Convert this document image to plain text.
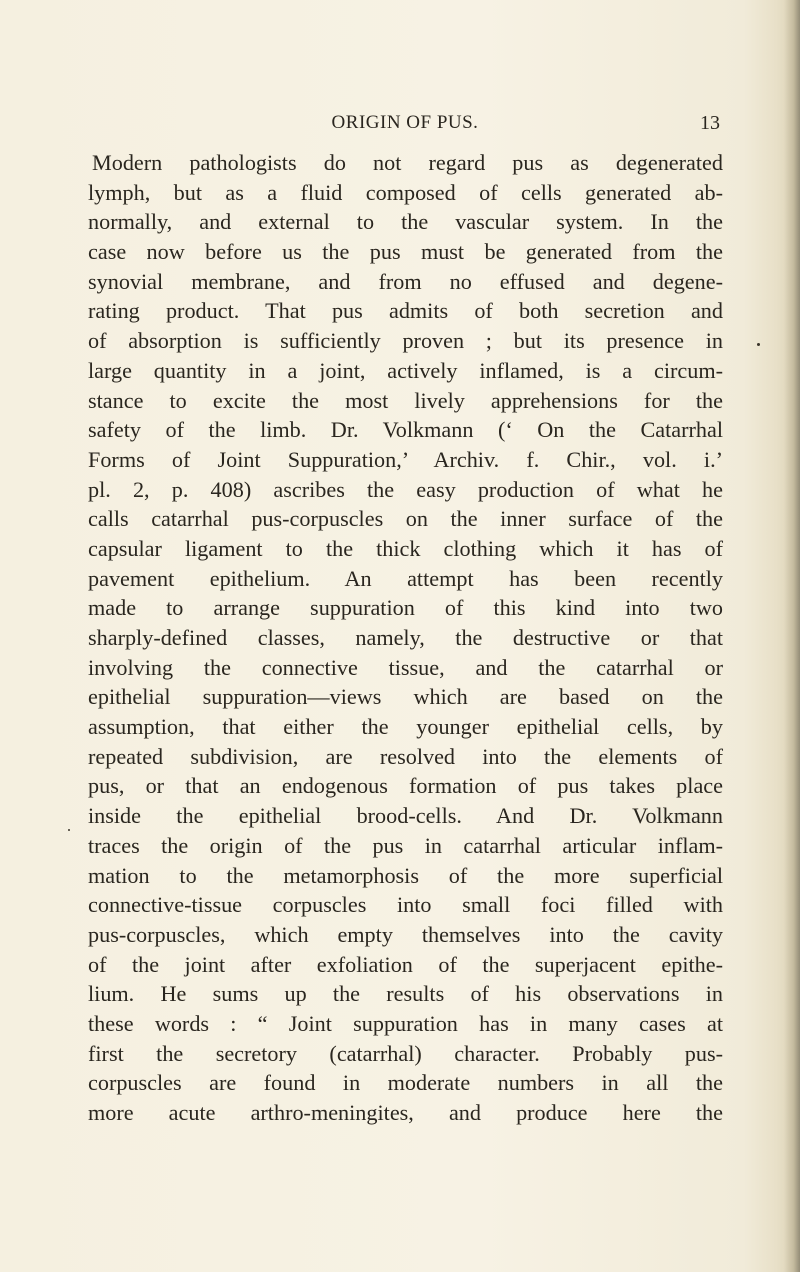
ORIGIN OF PUS.	13
Modern pathologists do not regard pus as degenerated
lymph, but as a fluid composed of cells generated ab-
normally, and external to the vascular system. In the
case now before us the pus must be generated from the
synovial membrane, and from no effused and degene-
rating product. That pus admits of both secretion and
of absorption is sufficiently proven ; but its presence in
large quantity in a joint, actively inflamed, is a circum-
stance to excite the most lively apprehensions for the
safety of the limb. Dr. Volkmann (‘ On the Catarrhal
Forms of Joint Suppuration,’ Archiv. f. Chir., vol. i.’
pl. 2, p. 408) ascribes the easy production of what he
calls catarrhal pus-corpuscles on the inner surface of the
capsular ligament to the thick clothing which it has of
pavement epithelium. An attempt has been recently
made to arrange suppuration of this kind into two
sharply-defined classes, namely, the destructive or that
involving the connective tissue, and the catarrhal or
epithelial suppuration—views which are based on the
assumption, that either the younger epithelial cells, by
repeated subdivision, are resolved into the elements of
pus, or that an endogenous formation of pus takes place
inside the epithelial brood-cells. And Dr. Volkmann
traces the origin of the pus in catarrhal articular inflam-
mation to the metamorphosis of the more superficial
connective-tissue corpuscles into small foci filled with
pus-corpuscles, which empty themselves into the cavity
of the joint after exfoliation of the superjacent epithe-
lium. He sums up the results of his observations in
these words : “ Joint suppuration has in many cases at
first the secretory (catarrhal) character. Probably pus-
corpuscles are found in moderate numbers in all the
more acute arthro-meningites, and produce here the
